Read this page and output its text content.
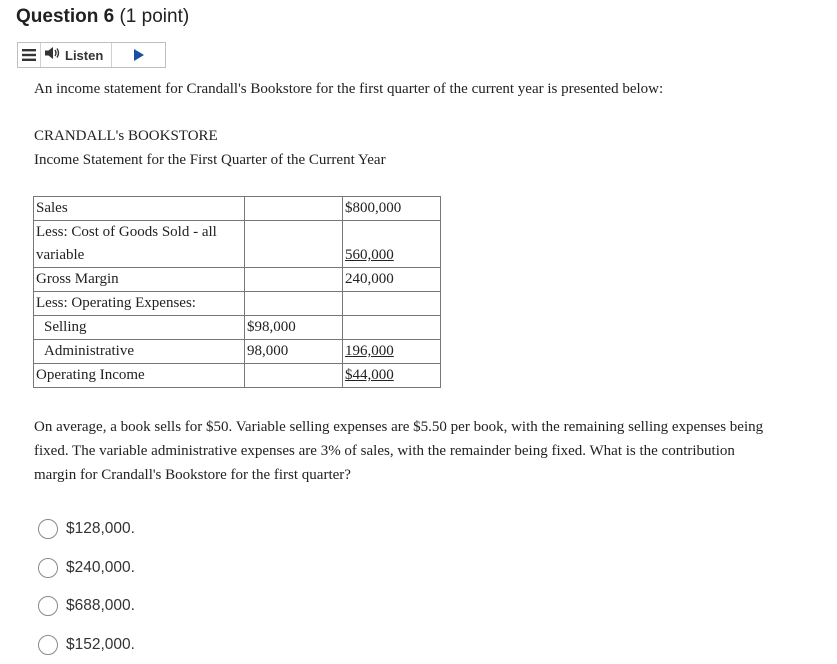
Question 6 (1 point)
Listen
An income statement for Crandall's Bookstore for the first quarter of the current year is presented below:
CRANDALL's BOOKSTORE
Income Statement for the First Quarter of the Current Year
Sales		$800,000

Less: Cost of Goods Sold - all
variable		560,000

Gross Margin		240,000
Less: Operating Expenses:		
Selling	$98,000	
Administrative	98,000	196,000
Operating Income		$44,000
On average, a book sells for $50. Variable selling expenses are $5.50 per book, with the remaining selling expenses being fixed. The variable administrative expenses are 3% of sales, with the remainder being fixed. What is the contribution margin for Crandall's Bookstore for the first quarter?
$128,000.
$240,000.
$688,000.
$152,000.
